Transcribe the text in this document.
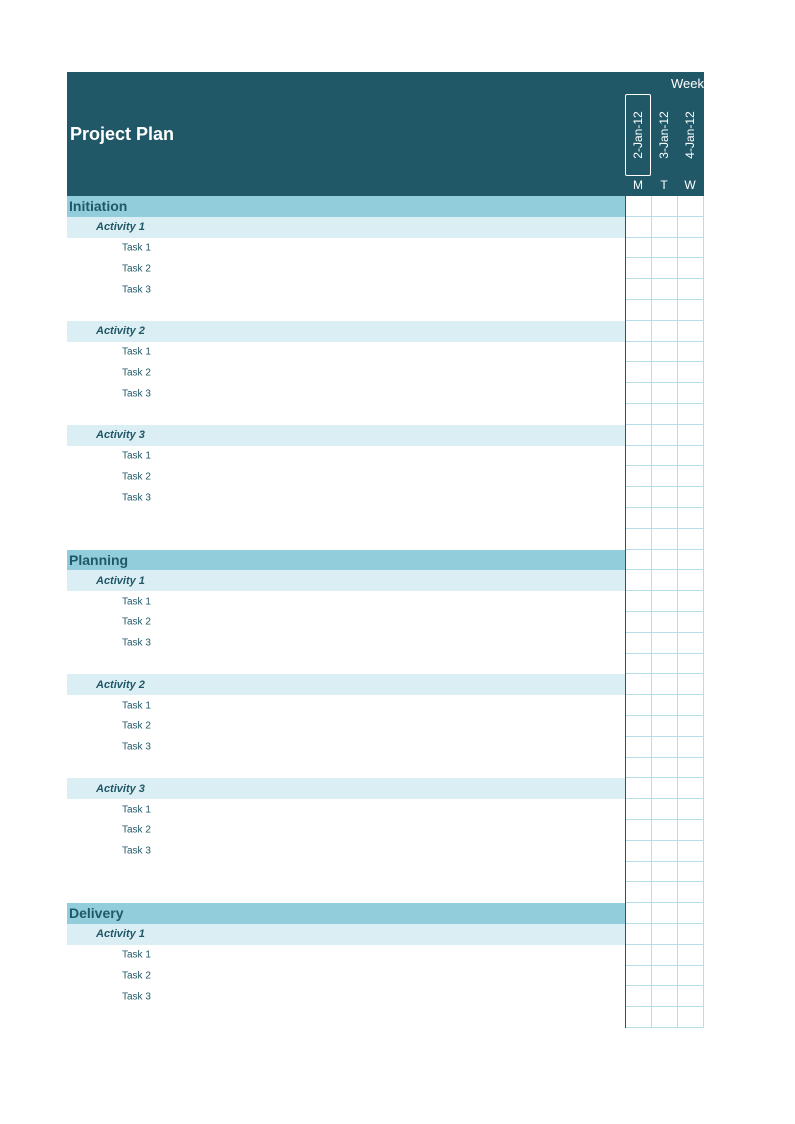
Project Plan
Week
2-Jan-12 3-Jan-12 4-Jan-12
M	T	W
Initiation
Activity 1
Task 1
Task 2
Task 3
Activity 2
Task 1
Task 2
Task 3
Activity 3
Task 1
Task 2
Task 3
Planning
Activity 1
Task 1
Task 2
Task 3
Activity 2
Task 1
Task 2
Task 3
Activity 3
Task 1
Task 2
Task 3
Delivery
Activity 1
Task 1
Task 2
Task 3
